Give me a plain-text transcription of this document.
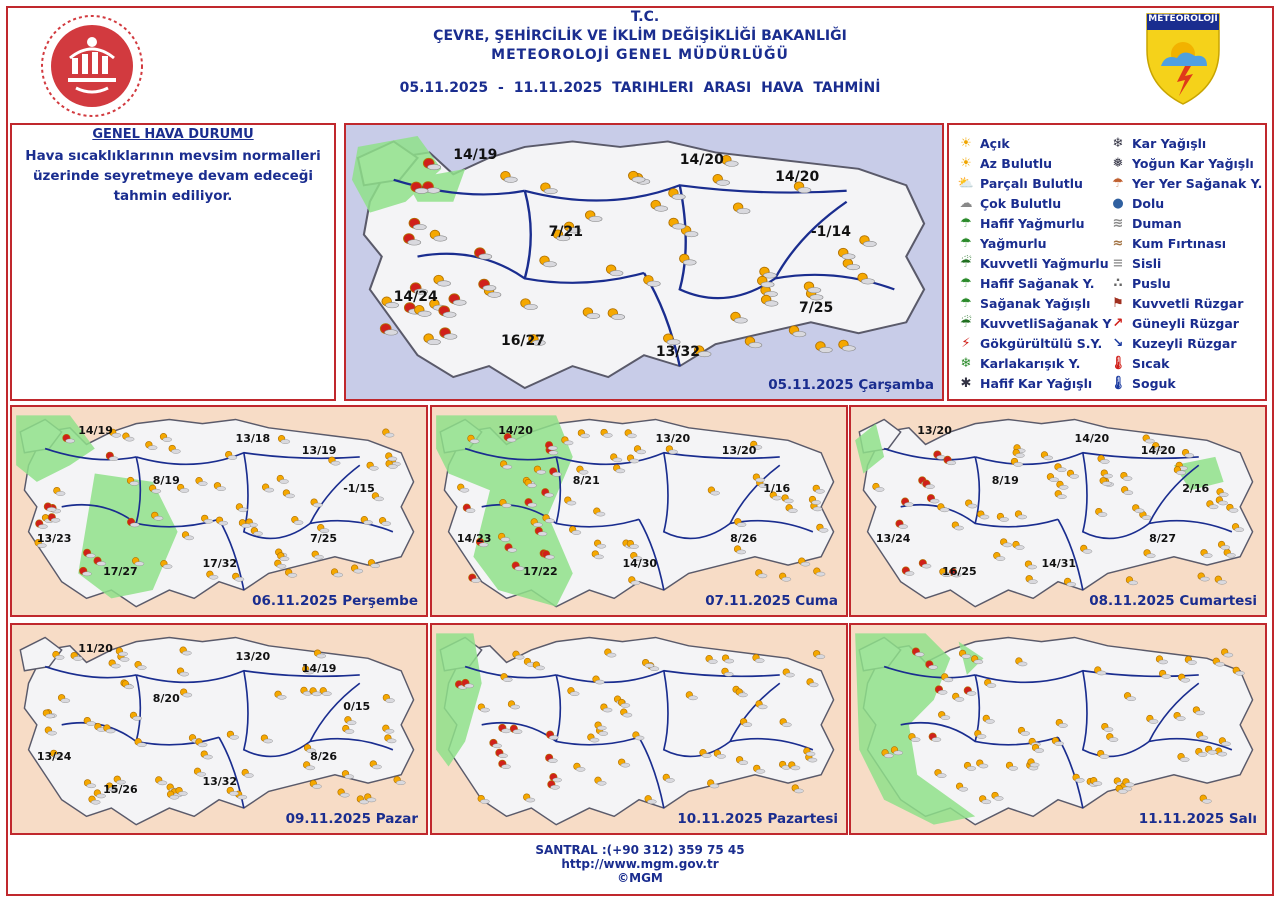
METEOROLOJİ
T.C.
ÇEVRE, ŞEHİRCİLİK VE İKLİM DEĞİŞİKLİĞİ BAKANLIĞI
METEOROLOJİ GENEL MÜDÜRLÜĞÜ
05.11.2025 - 11.11.2025 TARIHLERI ARASI HAVA TAHMİNİ
GENEL HAVA DURUMU
Hava sıcaklıklarının mevsim normalleri üzerinde seyretmeye devam edeceği tahmin ediliyor.
05.11.2025 Çarşamba
14/19	14/20
14/20
7/21	-1/14
14/24
16/27
13/32
7/25
☀ Açık
☀ Az Bulutlu
⛅ Parçalı Bulutlu
☁ Çok Bulutlu
☂ Hafif Yağmurlu
☂ Yağmurlu
☔ Kuvvetli Yağmurlu
☂ Hafif Sağanak Y.
☂ Sağanak Yağışlı
☔ KuvvetliSağanak Y
⚡ Gökgürültülü S.Y.
❄ Karlakarışık Y.
✱ Hafif Kar Yağışlı
❄ Kar Yağışlı
❅ Yoğun Kar Yağışlı
☂ Yer Yer Sağanak Y.
● Dolu
≋ Duman
≈ Kum Fırtınası
≡ Sisli
∴ Puslu
⚑ Kuvvetli Rüzgar
↗ Güneyli Rüzgar
↘ Kuzeyli Rüzgar
🌡 Sıcak
🌡 Soguk
06.11.2025 Perşembe
14/19
13/18
13/19
8/19
-1/15
13/23
17/27
17/32
7/25
07.11.2025 Cuma
14/20
13/20
13/20
8/21
1/16
14/23
17/22
14/30
8/26
08.11.2025 Cumartesi
13/20
14/20
14/20
8/19
2/16
13/24
16/25
14/31
8/27
09.11.2025 Pazar
11/20
13/20
14/19
8/20
0/15
13/24
15/26
13/32
8/26
10.11.2025 Pazartesi	11.11.2025 Salı
SANTRAL :(+90 312) 359 75 45
http://www.mgm.gov.tr
©MGM
